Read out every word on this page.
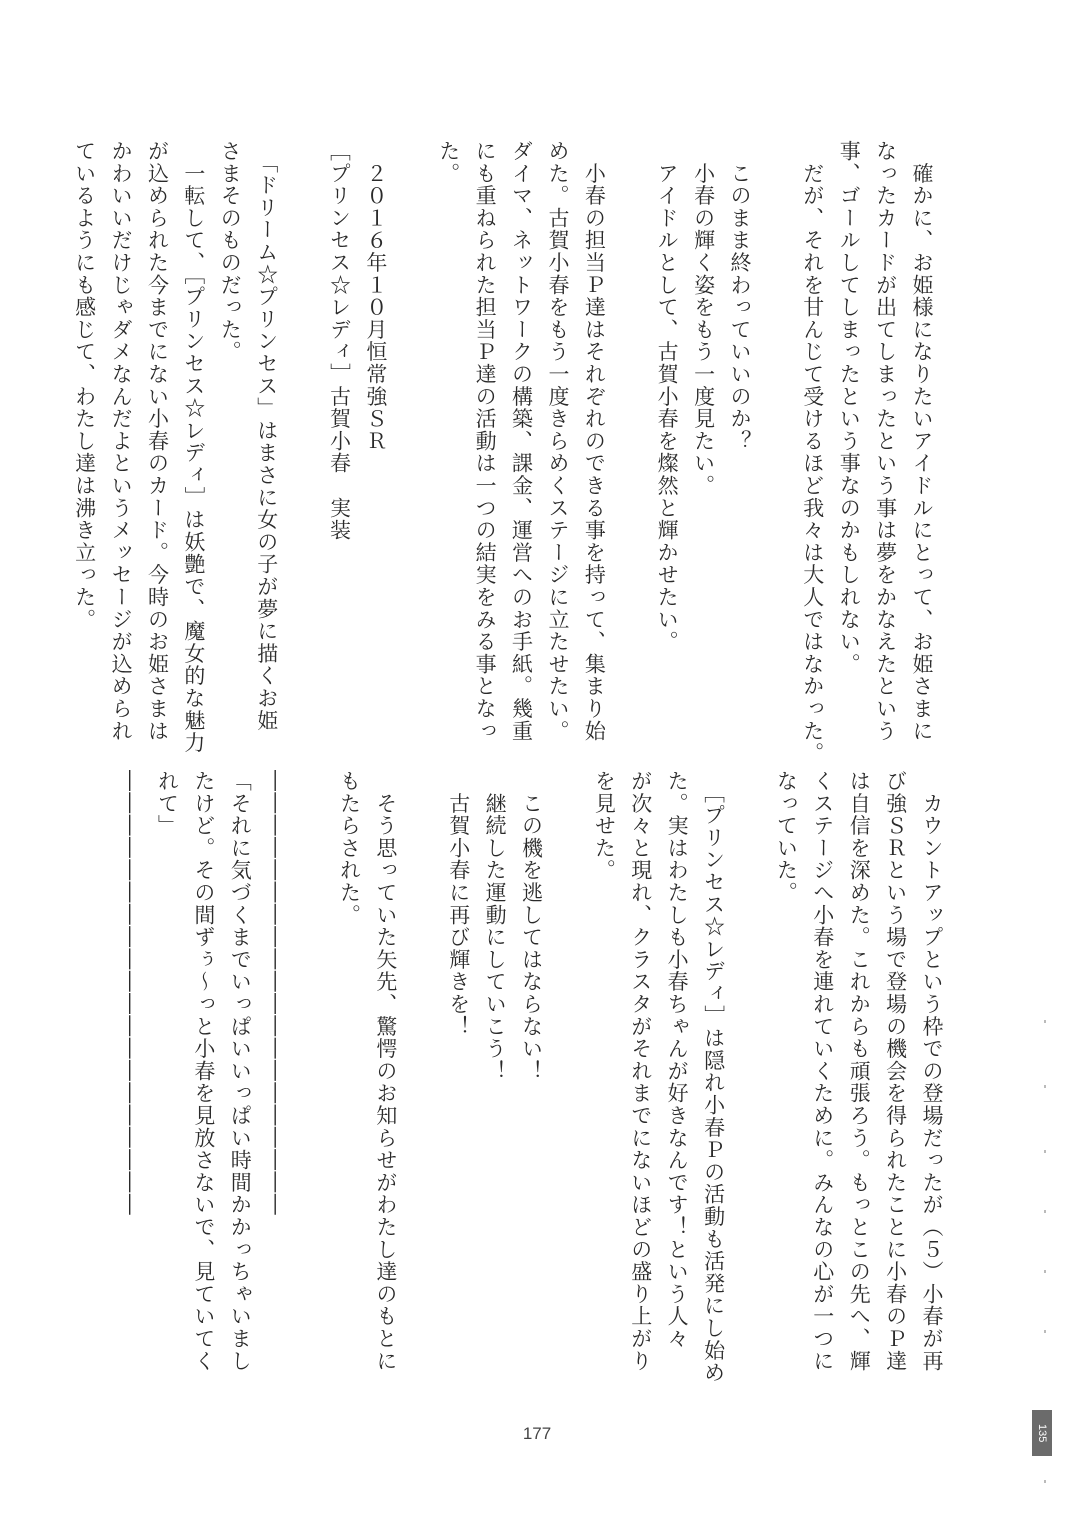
　確かに、お姫様になりたいアイドルにとって、お姫さまに

なったカードが出てしまったという事は夢をかなえたという

事、ゴールしてしまったという事なのかもしれない。

　だが、それを甘んじて受けるほど我々は大人ではなかった。

　このまま終わっていいのか？

　小春の輝く姿をもう一度見たい。

　アイドルとして、古賀小春を燦然と輝かせたい。

　小春の担当Ｐ達はそれぞれのできる事を持って、集まり始

めた。古賀小春をもう一度きらめくステージに立たせたい。

ダイマ、ネットワークの構築、課金、運営へのお手紙。幾重

にも重ねられた担当Ｐ達の活動は一つの結実をみる事となっ

た。

　２０１６年１０月恒常強ＳＲ

［プリンセス☆レディ］古賀小春　実装

　「ドリーム☆プリンセス」はまさに女の子が夢に描くお姫

さまそのものだった。

　一転して、［プリンセス☆レディ］は妖艶で、魔女的な魅力

が込められた今までにない小春のカード。今時のお姫さまは

かわいいだけじゃダメなんだよというメッセージが込められ

ているようにも感じて、わたし達は沸き立った。

　カウントアップという枠での登場だったが（５）小春が再

び強ＳＲという場で登場の機会を得られたことに小春のＰ達

は自信を深めた。これからも頑張ろう。もっとこの先へ、輝

くステージへ小春を連れていくために。みんなの心が一つに

なっていた。

　［プリンセス☆レディ］は隠れ小春Ｐの活動も活発にし始め

た。実はわたしも小春ちゃんが好きなんです！という人々

が次々と現れ、クラスタがそれまでにないほどの盛り上がり

を見せた。

　この機を逃してはならない！

　継続した運動にしていこう！

　古賀小春に再び輝きを！

　そう思っていた矢先、驚愕のお知らせがわたし達のもとに

もたらされた。

――――――――――――――――――――

「それに気づくまでいっぱいいっぱい時間かかっちゃいまし

たけど。その間ずぅ～っと小春を見放さないで、見ていてく

れて」

――――――――――――――――――――

177	135
